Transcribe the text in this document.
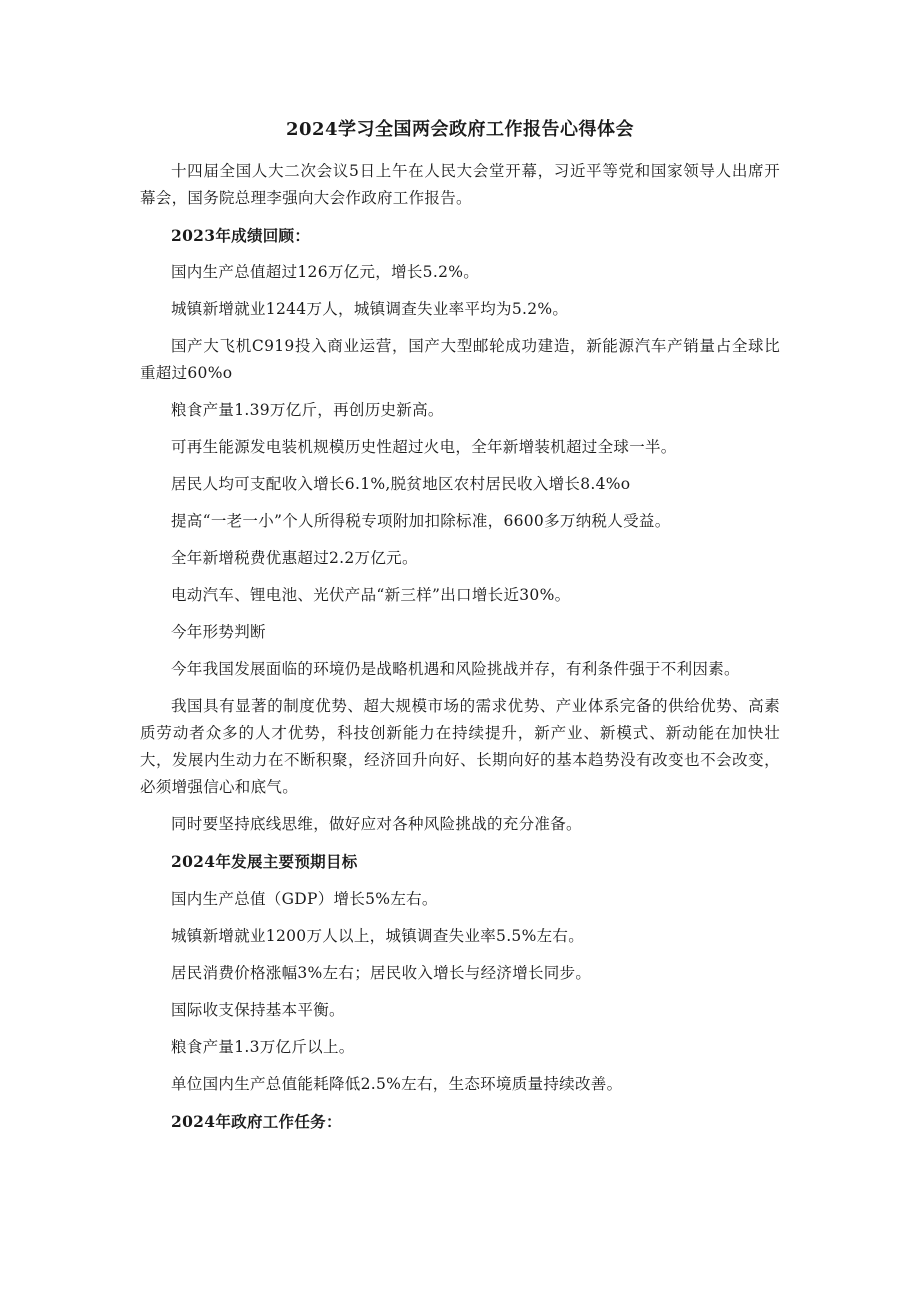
2024学习全国两会政府工作报告心得体会

十四届全国人大二次会议5日上午在人民大会堂开幕，习近平等党和国家领导人出席开幕会，国务院总理李强向大会作政府工作报告。

2023年成绩回顾：

国内生产总值超过126万亿元，增长5.2%。

城镇新增就业1244万人，城镇调查失业率平均为5.2%。

国产大飞机C919投入商业运营，国产大型邮轮成功建造，新能源汽车产销量占全球比重超过60%o

粮食产量1.39万亿斤，再创历史新高。

可再生能源发电装机规模历史性超过火电，全年新增装机超过全球一半。

居民人均可支配收入增长6.1%,脱贫地区农村居民收入增长8.4%o

提高“一老一小”个人所得税专项附加扣除标准，6600多万纳税人受益。

全年新增税费优惠超过2.2万亿元。

电动汽车、锂电池、光伏产品“新三样”出口增长近30%。

今年形势判断

今年我国发展面临的环境仍是战略机遇和风险挑战并存，有利条件强于不利因素。

我国具有显著的制度优势、超大规模市场的需求优势、产业体系完备的供给优势、高素质劳动者众多的人才优势，科技创新能力在持续提升，新产业、新模式、新动能在加快壮大，发展内生动力在不断积聚，经济回升向好、长期向好的基本趋势没有改变也不会改变，必须增强信心和底气。

同时要坚持底线思维，做好应对各种风险挑战的充分准备。

2024年发展主要预期目标

国内生产总值（GDP）增长5%左右。

城镇新增就业1200万人以上，城镇调查失业率5.5%左右。

居民消费价格涨幅3%左右；居民收入增长与经济增长同步。

国际收支保持基本平衡。

粮食产量1.3万亿斤以上。

单位国内生产总值能耗降低2.5%左右，生态环境质量持续改善。

2024年政府工作任务：
